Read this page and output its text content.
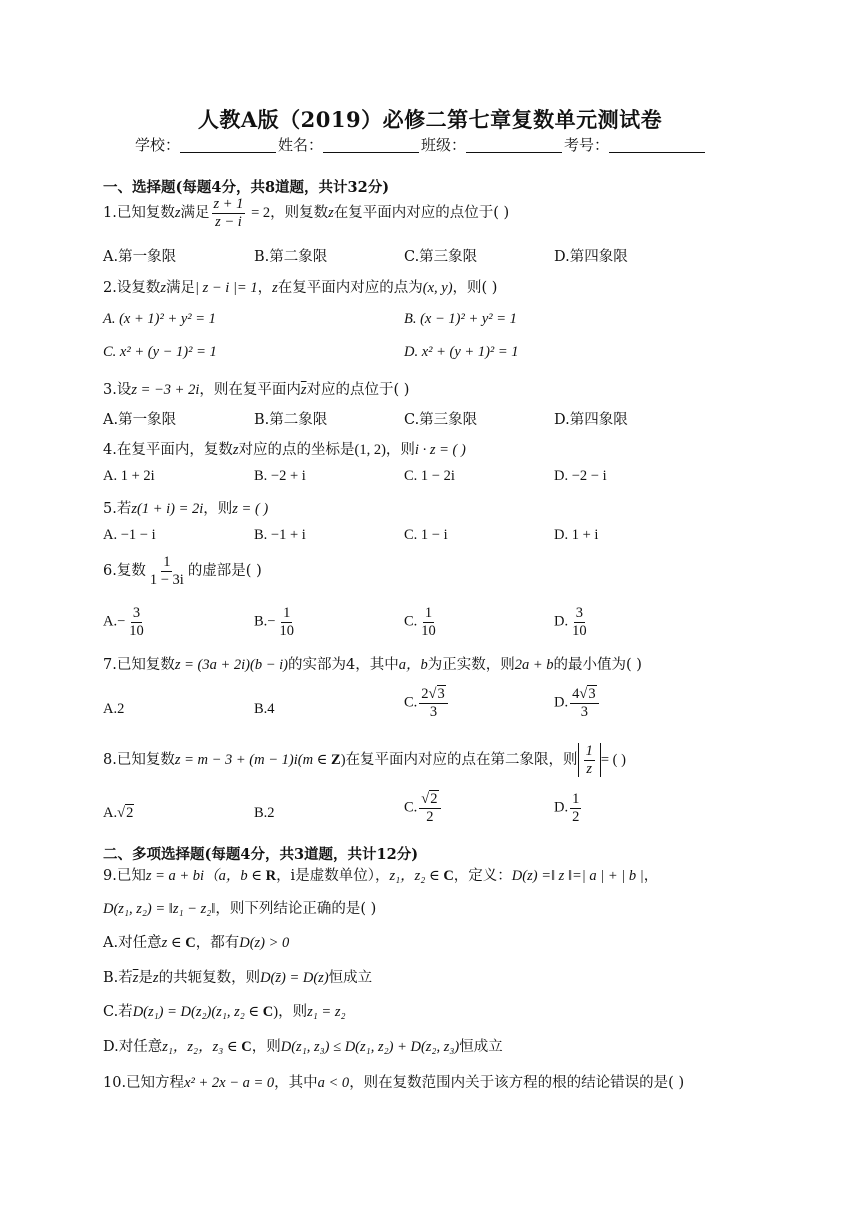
人教A版（2019）必修二第七章复数单元测试卷
学校：	姓名：	班级：	考号：
一、选择题(每题4分，共8道题，共计32分)
1.已知复数z满足 $\frac{z + 1}{z - i} = 2$，则复数z在复平面内对应的点位于( )
A.第一象限	B.第二象限	C.第三象限	D.第四象限
2.设复数z满足| z − i |= 1，z在复平面内对应的点为(x, y)，则( )
A. (x + 1)² + y² = 1	B. (x − 1)² + y² = 1
C. x² + (y − 1)² = 1	D. x² + (y + 1)² = 1
3.设z = −3 + 2i，则在复平面内$\overline{z}$对应的点位于( )
A.第一象限	B.第二象限	C.第三象限	D.第四象限
4.在复平面内，复数z对应的点的坐标是(1, 2)，则i · z = ( )
A. 1 + 2i	B. −2 + i	C. 1 − 2i	D. −2 − i
5.若z(1 + i) = 2i，则z = ( )
A. −1 − i	B. −1 + i	C. 1 − i	D. 1 + i
6.复数 $\frac{1}{1 - 3i}$ 的虚部是( )
$A.- \frac{3}{10}$	$B.- \frac{1}{10}$	C. $\frac{1}{10}$	D. $\frac{3}{10}$
7.已知复数z = (3a + 2i)(b − i)的实部为4，其中a，b为正实数，则2a + b的最小值为( )
A.2	B.4	C. $\frac{2√3}{3}$	D. $\frac{4√3}{3}$
8.已知复数z = m − 3 + (m − 1)i(m ∈ Z)在复平面内对应的点在第二象限，则 $\frac{1}{z}$ = ( )
A.√2	B.2	C. $\frac{√2}{2}$	D. $\frac{1}{2}$
二、多项选择题(每题4分，共3道题，共计12分)
9.已知z = a + bi（a，b ∈ R，i是虚数单位），z₁，z₂ ∈ C，定义：D(z) =‖ z ‖=| a | + | b |，
D(z₁, z₂) = ‖z₁ − z₂‖，则下列结论正确的是( )
A.对任意z ∈ C，都有D(z) > 0
B.若$\overline{z}$是z的共轭复数，则D(z̄) = D(z)恒成立
C.若D(z₁) = D(z₂)(z₁, z₂ ∈ C)，则z₁ = z₂
D.对任意z₁，z₂，z₃ ∈ C，则D(z₁, z₃) ≤ D(z₁, z₂) + D(z₂, z₃)恒成立
10.已知方程x² + 2x − a = 0，其中a < 0，则在复数范围内关于该方程的根的结论错误的是( )
